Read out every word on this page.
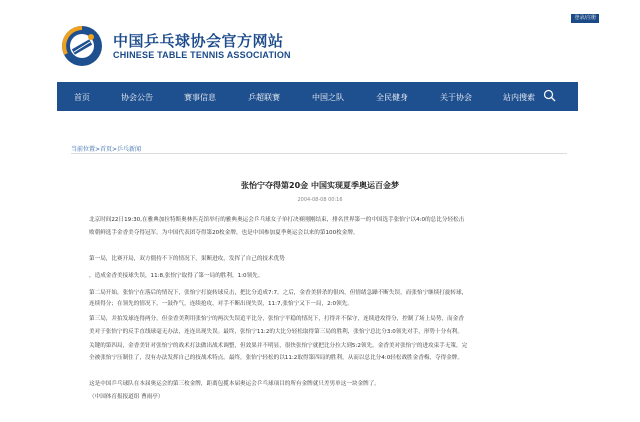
登录/注册
中国乒乓球协会官方网站
CHINESE TABLE TENNIS ASSOCIATION
首页	协会公告	赛事信息	乒超联赛	中国之队	全民健身	关于协会	站内搜索
当前位置>首页>乒乓新闻
张怡宁夺得第20金 中国实现夏季奥运百金梦
2004-08-08 00:16
北京时间22日19:30,在雅典加拉特斯奥林匹克馆举行的雅典奥运会乒乓球女子单打决赛刚刚结束，排名世界第一的中国选手张怡宁以4:0的总比分轻松击
败朝鲜选手金香美夺得冠军。为中国代表团夺得第20枚金牌，也是中国参加夏季奥运会以来的第100枚金牌。
第一局，比赛开局，双方僵持不下的情况下，果断进攻，发挥了自己的技术优势
，造成金香美接球失误，11:8,张怡宁取得了第一局的胜利，1:0领先。
第二局开始，张怡宁在落后的情况下，张怡宁打旋转球反击，把比分追成7:7。之后，金香美拼杀的很凶，但情绪急躁不断失误，而张怡宁继续打旋转球，
连续得分；在领先的情况下，一鼓作气，连续抢攻，对手不断出现失误，11:7,张怡宁又下一局，2:0领先。
第三局，并拍发球连得两分，但金香美利用张怡宁的两次失误追平比分，张怡宁平稳的情况下，打得并不保守，连续进攻得分，控制了场上局势，而金香
美对于张怡宁的反手直线球毫无办法，连连出现失误。最终，张怡宁11:2的大比分轻松取得第三局的胜利，张怡宁总比分3:0领先对手，形势十分有利。
关键的第四局，金香美针对张怡宁的战术打法做出战术调整，但效果并不明显，很快张怡宁就把比分拉大到5:2领先。金香美对张怡宁的进攻束手无策，完
全被张怡宁压制住了，没有办法发挥自己的技战术特点。最终，张怡宁轻松的以11:2取得第四局的胜利，从而以总比分4:0轻松战胜金香梅，夺得金牌。
这是中国乒乓球队在本届奥运会的第三枚金牌，距离包揽本届奥运会乒乓球项目的所有金牌就只差男单这一块金牌了。
（中国体育报报道组 曹雨亭）
